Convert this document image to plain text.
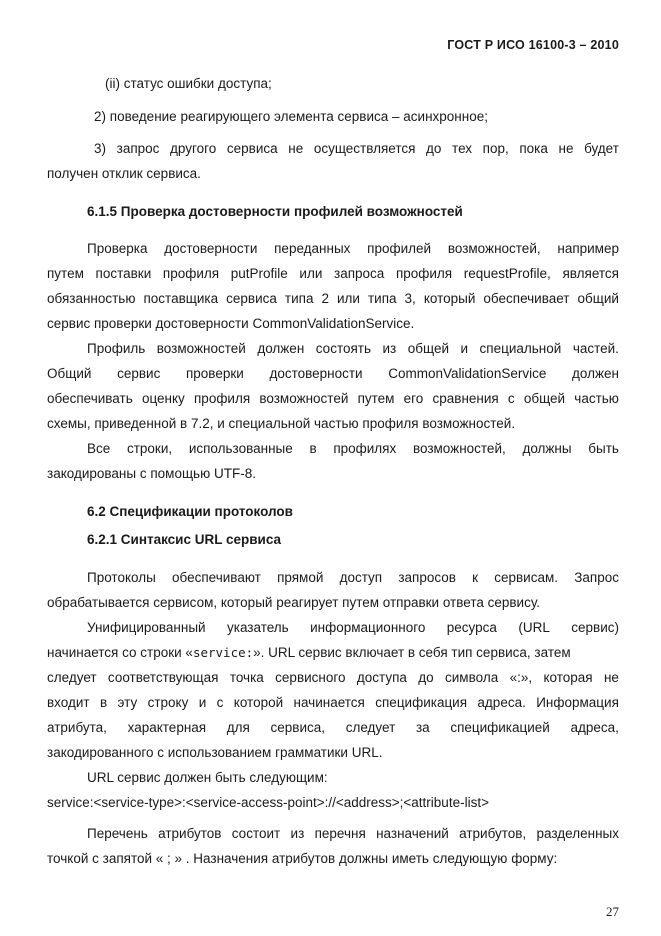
ГОСТ Р ИСО 16100-3 – 2010
(ii) статус ошибки доступа;
2) поведение реагирующего элемента сервиса – асинхронное;
3) запрос другого сервиса не осуществляется до тех пор, пока не будет
получен отклик сервиса.
6.1.5 Проверка достоверности профилей возможностей
Проверка достоверности переданных профилей возможностей, например
путем поставки профиля putProfile или запроса профиля requestProfile, является
обязанностью поставщика сервиса типа 2 или типа 3, который обеспечивает общий
сервис проверки достоверности CommonValidationService.
Профиль возможностей должен состоять из общей и специальной частей.
Общий сервис проверки достоверности CommonValidationService должен
обеспечивать оценку профиля возможностей путем его сравнения с общей частью
схемы, приведенной в 7.2, и специальной частью профиля возможностей.
Все строки, использованные в профилях возможностей, должны быть
закодированы с помощью UTF-8.
6.2 Спецификации протоколов
6.2.1 Синтаксис URL сервиса
Протоколы обеспечивают прямой доступ запросов к сервисам. Запрос
обрабатывается сервисом, который реагирует путем отправки ответа сервису.
Унифицированный указатель информационного ресурса (URL сервис)
начинается со строки «service:». URL сервис включает в себя тип сервиса, затем
следует соответствующая точка сервисного доступа до символа «:», которая не
входит в эту строку и с которой начинается спецификация адреса. Информация
атрибута, характерная для сервиса, следует за спецификацией адреса,
закодированного с использованием грамматики URL.
URL сервис должен быть следующим:
service:<service-type>:<service-access-point>://<address>;<attribute-list>
Перечень атрибутов состоит из перечня назначений атрибутов, разделенных
точкой с запятой « ; » . Назначения атрибутов должны иметь следующую форму:
27
